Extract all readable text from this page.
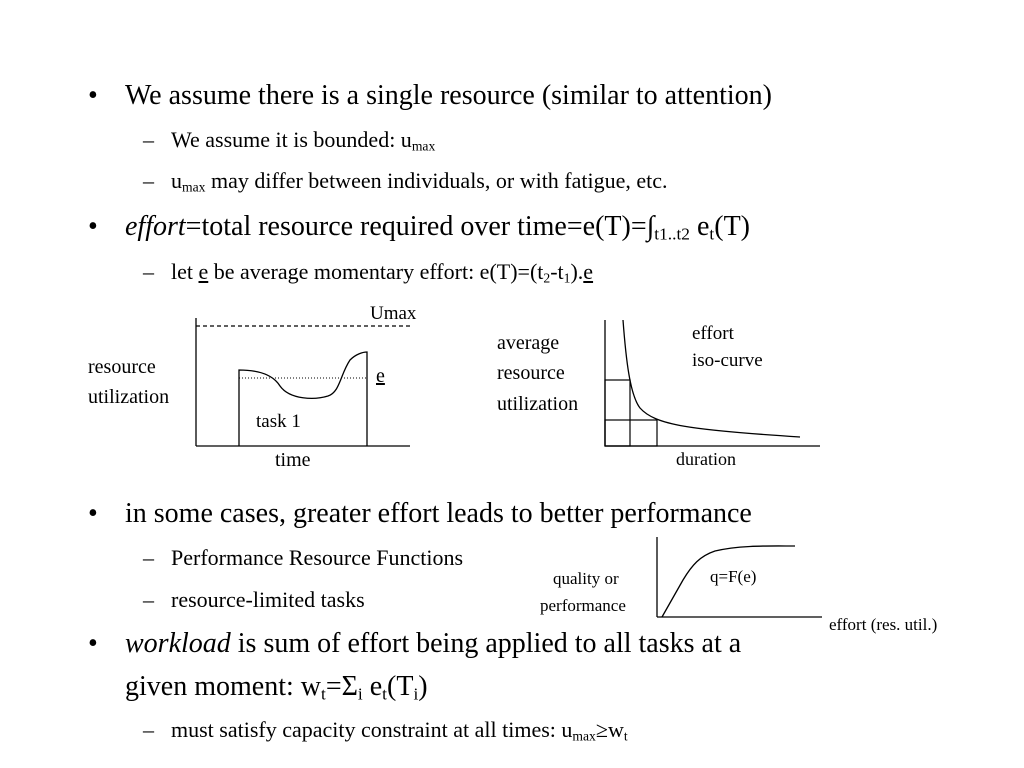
• We assume there is a single resource (similar to attention)
– We assume it is bounded: $u_{max}$
– $u_{max}$ may differ between individuals, or with fatigue, etc.
• effort=total resource required over $time=e(T)=\int_{t1..t2}$ $e_t(T)$
– let e be average momentary effort: $e(T)=(t_2-t_1).e$
Umax
resource
utilization
e
task 1
time
average
resource
utilization
effort
iso-curve
duration
• in some cases, greater effort leads to better performance
– Performance Resource Functions
– resource-limited tasks
quality or
performance
q=F(e)
effort (res. util.)
• workload is sum of effort being applied to all tasks at a
given moment: $w_t=\Sigma_i$ $e_t(T_i)$
– must satisfy capacity constraint at all times: $u_{max}\ge w_t$
